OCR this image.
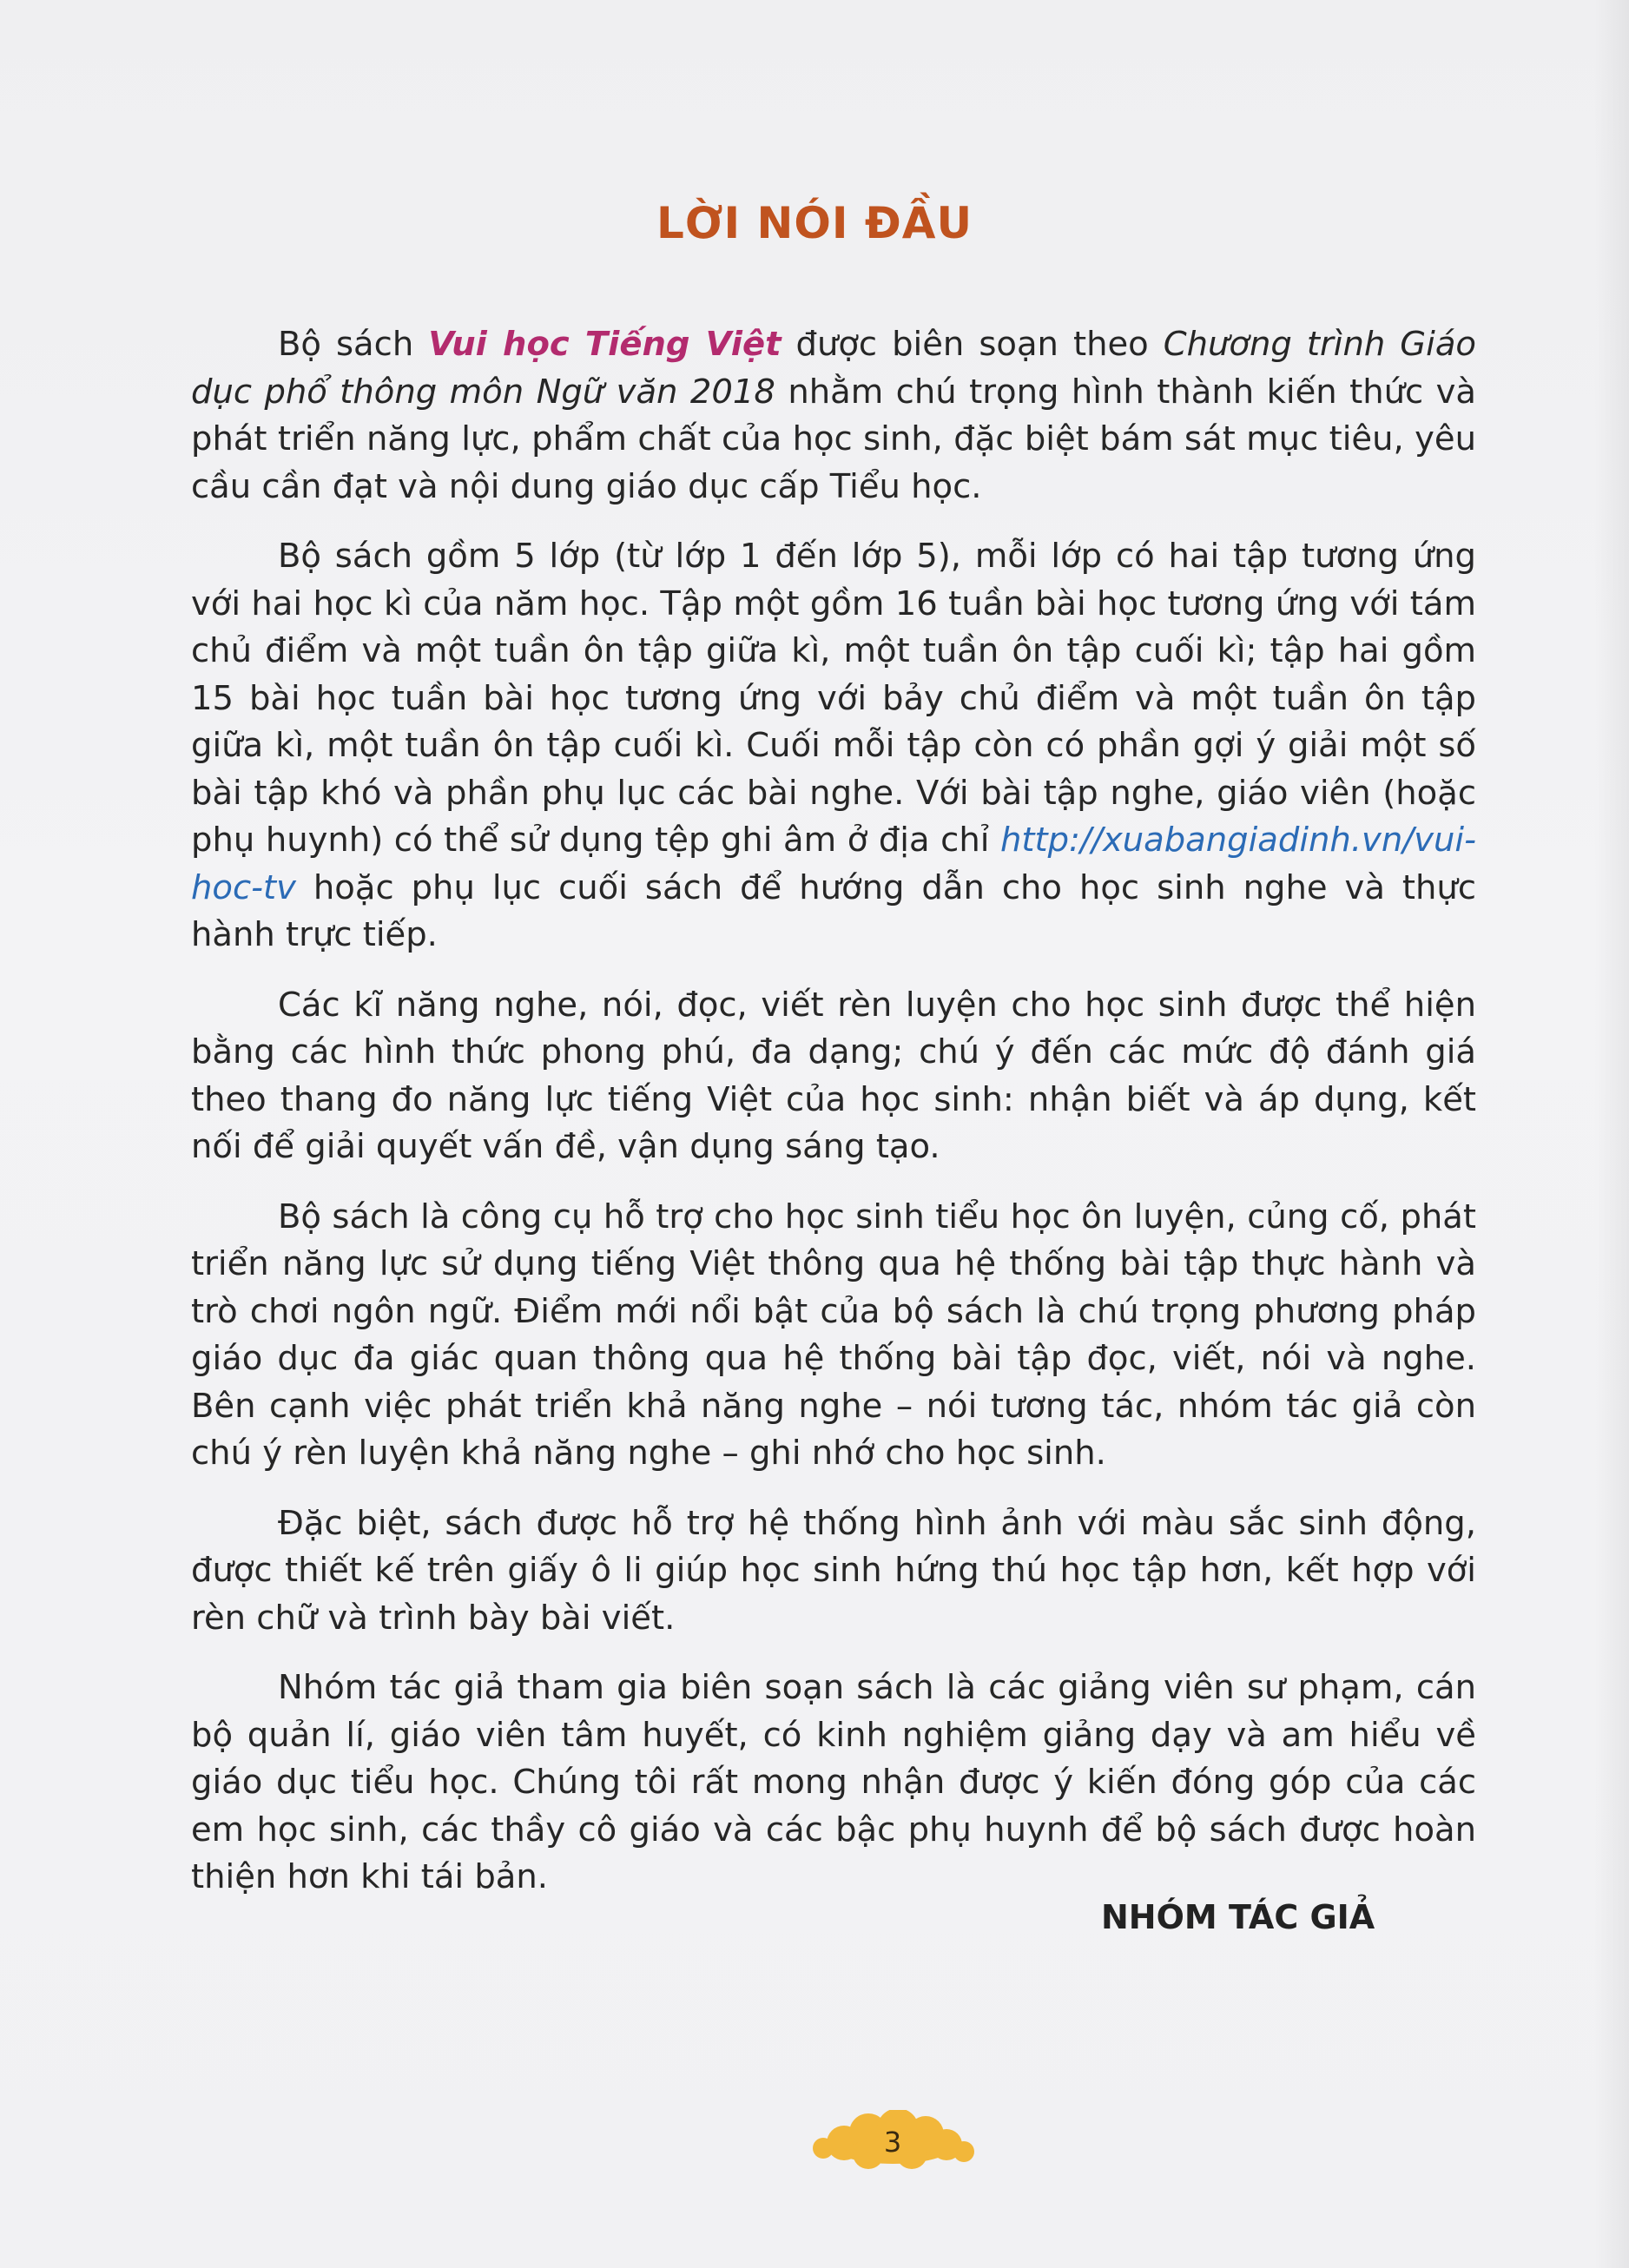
LỜI NÓI ĐẦU

Bộ sách Vui học Tiếng Việt được biên soạn theo Chương trình Giáo dục phổ thông môn Ngữ văn 2018 nhằm chú trọng hình thành kiến thức và phát triển năng lực, phẩm chất của học sinh, đặc biệt bám sát mục tiêu, yêu cầu cần đạt và nội dung giáo dục cấp Tiểu học.

Bộ sách gồm 5 lớp (từ lớp 1 đến lớp 5), mỗi lớp có hai tập tương ứng với hai học kì của năm học. Tập một gồm 16 tuần bài học tương ứng với tám chủ điểm và một tuần ôn tập giữa kì, một tuần ôn tập cuối kì; tập hai gồm 15 bài học tuần bài học tương ứng với bảy chủ điểm và một tuần ôn tập giữa kì, một tuần ôn tập cuối kì. Cuối mỗi tập còn có phần gợi ý giải một số bài tập khó và phần phụ lục các bài nghe. Với bài tập nghe, giáo viên (hoặc phụ huynh) có thể sử dụng tệp ghi âm ở địa chỉ http://xuabangiadinh.vn/vui-hoc-tv hoặc phụ lục cuối sách để hướng dẫn cho học sinh nghe và thực hành trực tiếp.

Các kĩ năng nghe, nói, đọc, viết rèn luyện cho học sinh được thể hiện bằng các hình thức phong phú, đa dạng; chú ý đến các mức độ đánh giá theo thang đo năng lực tiếng Việt của học sinh: nhận biết và áp dụng, kết nối để giải quyết vấn đề, vận dụng sáng tạo.

Bộ sách là công cụ hỗ trợ cho học sinh tiểu học ôn luyện, củng cố, phát triển năng lực sử dụng tiếng Việt thông qua hệ thống bài tập thực hành và trò chơi ngôn ngữ. Điểm mới nổi bật của bộ sách là chú trọng phương pháp giáo dục đa giác quan thông qua hệ thống bài tập đọc, viết, nói và nghe. Bên cạnh việc phát triển khả năng nghe – nói tương tác, nhóm tác giả còn chú ý rèn luyện khả năng nghe – ghi nhớ cho học sinh.

Đặc biệt, sách được hỗ trợ hệ thống hình ảnh với màu sắc sinh động, được thiết kế trên giấy ô li giúp học sinh hứng thú học tập hơn, kết hợp với rèn chữ và trình bày bài viết.

Nhóm tác giả tham gia biên soạn sách là các giảng viên sư phạm, cán bộ quản lí, giáo viên tâm huyết, có kinh nghiệm giảng dạy và am hiểu về giáo dục tiểu học. Chúng tôi rất mong nhận được ý kiến đóng góp của các em học sinh, các thầy cô giáo và các bậc phụ huynh để bộ sách được hoàn thiện hơn khi tái bản.

NHÓM TÁC GIẢ
3
